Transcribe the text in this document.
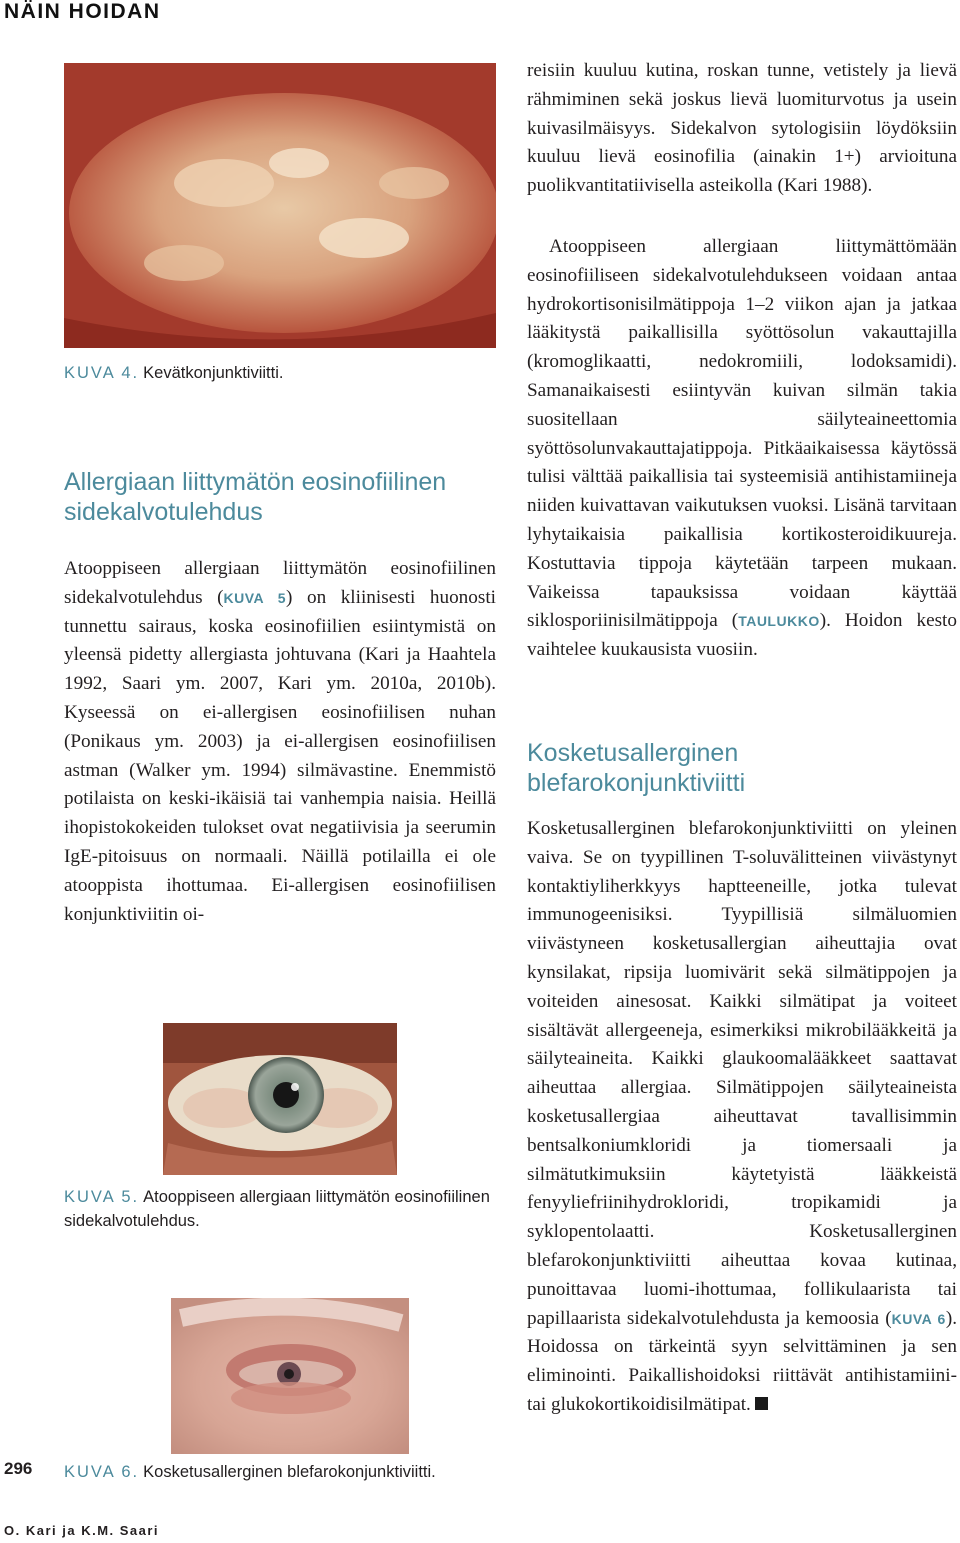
NÄIN HOIDAN
KUVA 4. Kevätkonjunktiviitti.
Allergiaan liittymätön eosinofiilinen sidekalvotulehdus
Atooppiseen allergiaan liittymätön eosinofiilinen sidekalvotulehdus (KUVA 5) on kliinisesti huonosti tunnettu sairaus, koska eosinofiilien esiintymistä on yleensä pidetty allergiasta johtuvana (Kari ja Haahtela 1992, Saari ym. 2007, Kari ym. 2010a, 2010b). Kyseessä on ei-allergisen eosinofiilisen nuhan (Ponikaus ym. 2003) ja ei-allergisen eosinofiilisen astman (Walker ym. 1994) silmävastine. Enemmistö potilaista on keski-ikäisiä tai vanhempia naisia. Heillä ihopistokokeiden tulokset ovat negatiivisia ja seerumin IgE-pitoisuus on normaali. Näillä potilailla ei ole atooppista ihottumaa. Ei-allergisen eosinofiilisen konjunktiviitin oi-
KUVA 5. Atooppiseen allergiaan liittymätön eosinofiilinen sidekalvotulehdus.
KUVA 6. Kosketusallerginen blefarokonjunktiviitti.
reisiin kuuluu kutina, roskan tunne, vetistely ja lievä rähmiminen sekä joskus lievä luomiturvotus ja usein kuivasilmäisyys. Sidekalvon sytologisiin löydöksiin kuuluu lievä eosinofilia (ainakin 1+) arvioituna puolikvantitatiivisella asteikolla (Kari 1988).
Atooppiseen allergiaan liittymättömään eosinofiiliseen sidekalvotulehdukseen voidaan antaa hydrokortisonisilmätippoja 1–2 viikon ajan ja jatkaa lääkitystä paikallisilla syöttösolun vakauttajilla (kromoglikaatti, nedokromiili, lodoksamidi). Samanaikaisesti esiintyvän kuivan silmän takia suositellaan säilyteaineettomia syöttösolunvakauttajatippoja. Pitkäaikaisessa käytössä tulisi välttää paikallisia tai systeemisiä antihistamiineja niiden kuivattavan vaikutuksen vuoksi. Lisänä tarvitaan lyhytaikaisia paikallisia kortikosteroidikuureja. Kostuttavia tippoja käytetään tarpeen mukaan. Vaikeissa tapauksissa voidaan käyttää siklosporiinisilmätippoja (TAULUKKO). Hoidon kesto vaihtelee kuukausista vuosiin.
Kosketusallerginen blefarokonjunktiviitti
Kosketusallerginen blefarokonjunktiviitti on yleinen vaiva. Se on tyypillinen T-soluvälitteinen viivästynyt kontaktiyliherkkyys haptteeneille, jotka tulevat immunogeenisiksi. Tyypillisiä silmäluomien viivästyneen kosketusallergian aiheuttajia ovat kynsilakat, ripsija luomivärit sekä silmätippojen ja voiteiden ainesosat. Kaikki silmätipat ja voiteet sisältävät allergeeneja, esimerkiksi mikrobilääkkeitä ja säilyteaineita. Kaikki glaukoomalääkkeet saattavat aiheuttaa allergiaa. Silmätippojen säilyteaineista kosketusallergiaa aiheuttavat tavallisimmin bentsalkoniumkloridi ja tiomersaali ja silmätutkimuksiin käytetyistä lääkkeistä fenyyliefriinihydrokloridi, tropikamidi ja syklopentolaatti. Kosketusallerginen blefarokonjunktiviitti aiheuttaa kovaa kutinaa, punoittavaa luomi-ihottumaa, follikulaarista tai papillaarista sidekalvotulehdusta ja kemoosia (KUVA 6). Hoidossa on tärkeintä syyn selvittäminen ja sen eliminointi. Paikallishoidoksi riittävät antihistamiini- tai glukokortikoidisilmätipat.
296
O. Kari ja K.M. Saari
